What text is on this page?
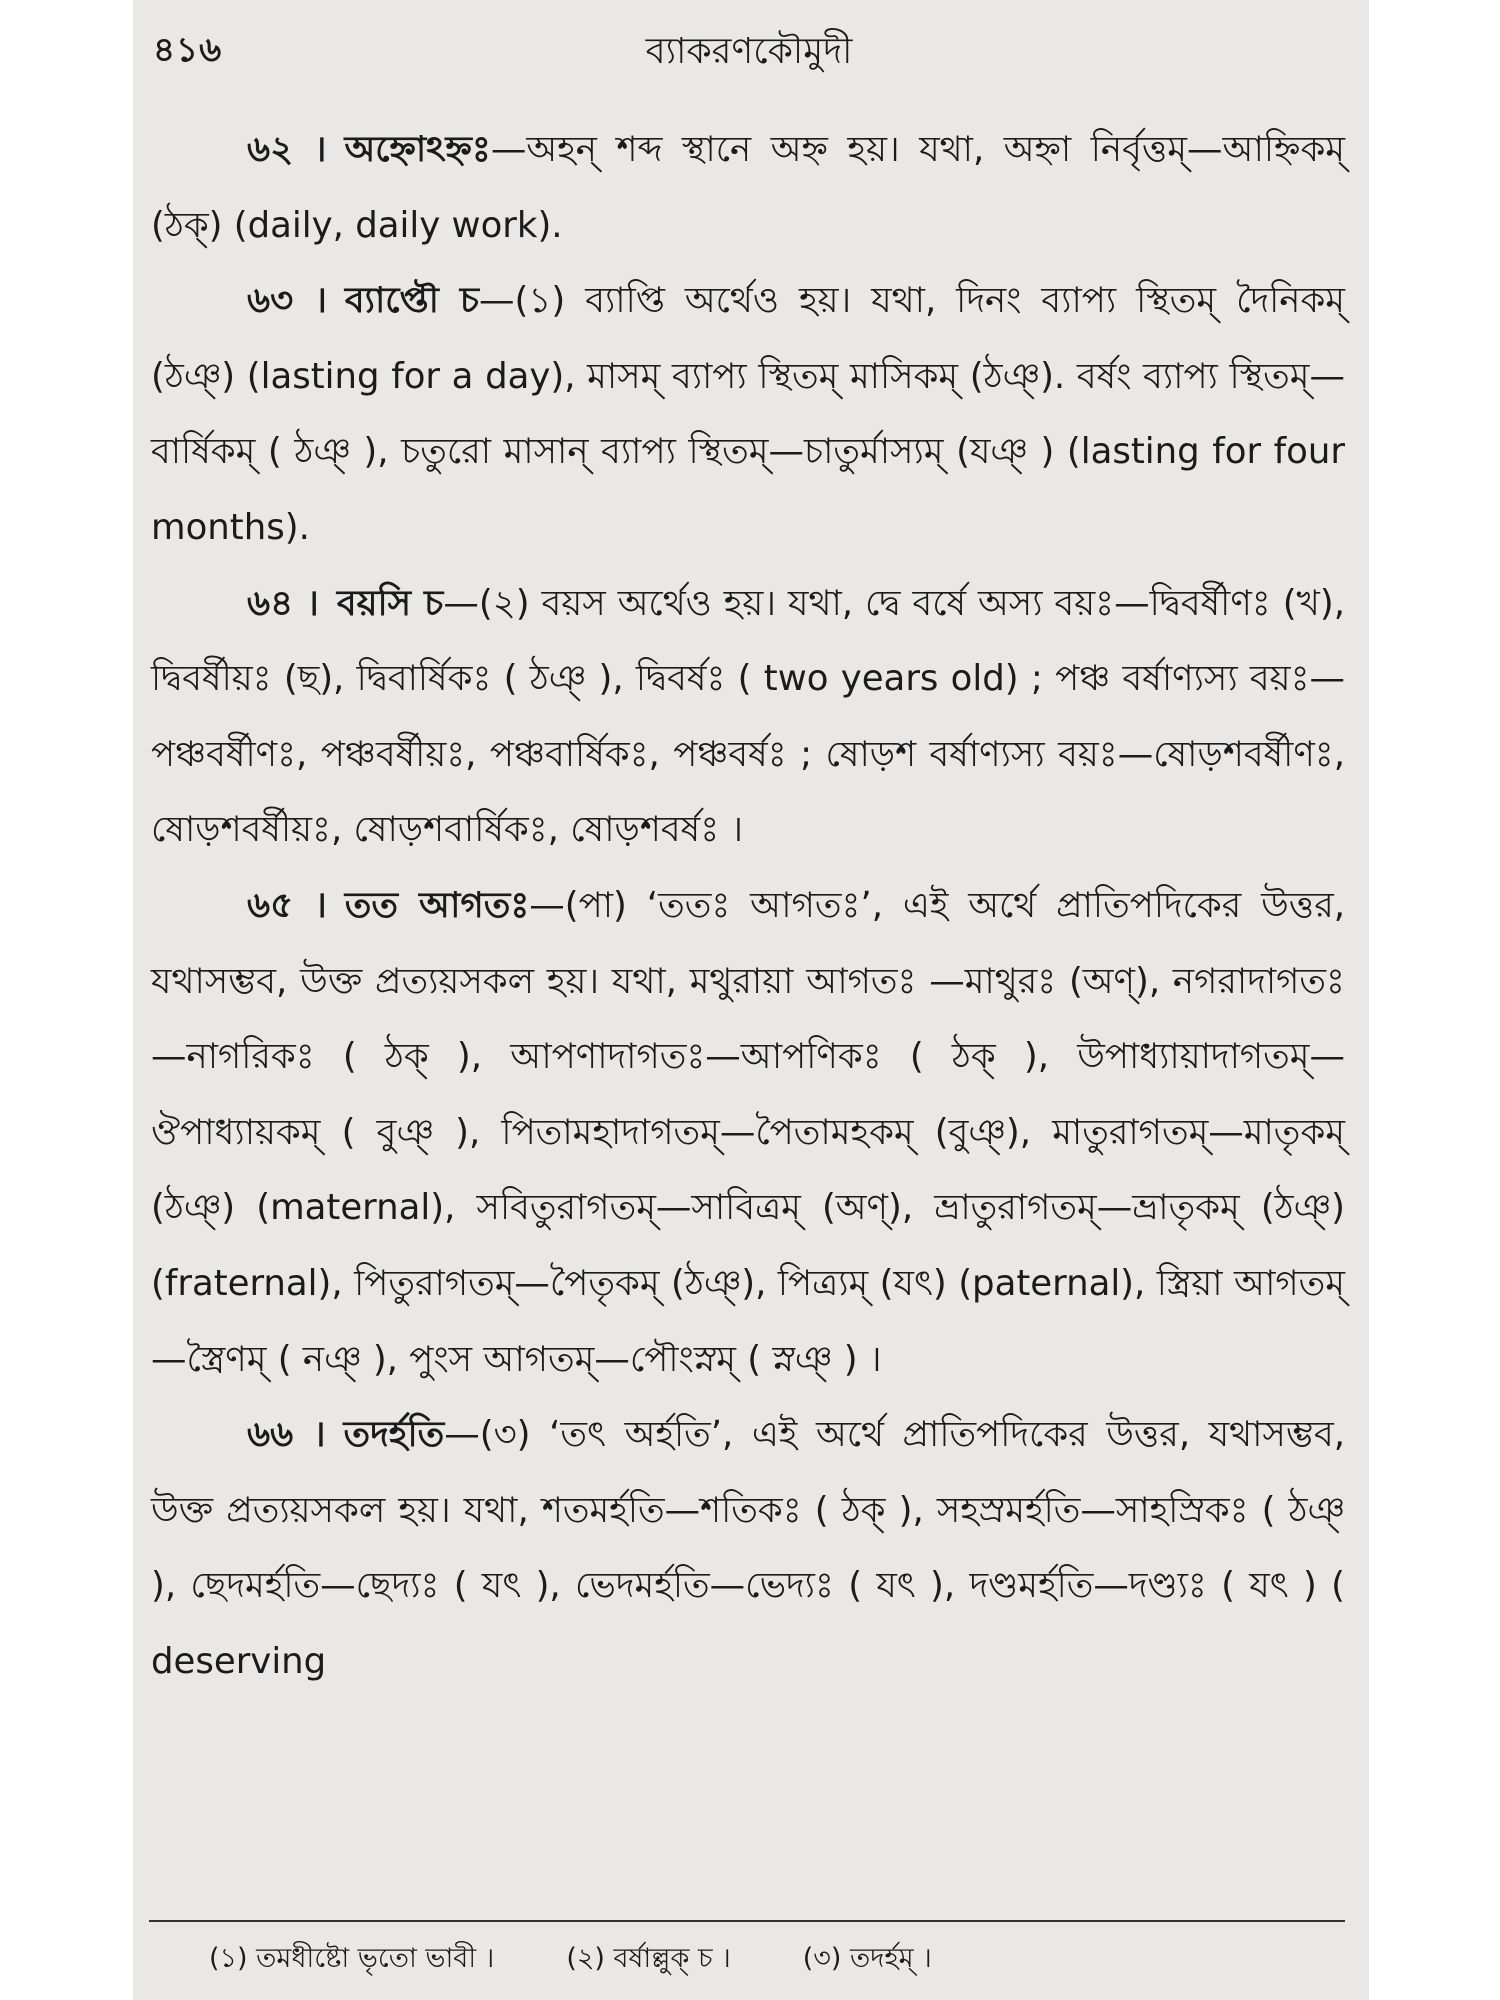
৪১৬	ব্যাকরণকৌমুদী

৬২ । অহ্নোঽহ্নঃ—অহন্ শব্দ স্থানে অহ্ন হয়। যথা, অহ্না নির্বৃত্তম্—আহ্নিকম্ (ঠক্) (daily, daily work).

৬৩ । ব্যাপ্তৌ চ—(১) ব্যাপ্তি অর্থেও হয়। যথা, দিনং ব্যাপ্য স্থিতম্ দৈনিকম্ (ঠঞ্) (lasting for a day), মাসম্ ব্যাপ্য স্থিতম্ মাসিকম্ (ঠঞ্). বর্ষং ব্যাপ্য স্থিতম্—বার্ষিকম্ ( ঠঞ্ ), চতুরো মাসান্ ব্যাপ্য স্থিতম্—চাতুর্মাস্যম্ (যঞ্ ) (lasting for four months).

৬৪ । বয়সি চ—(২) বয়স অর্থেও হয়। যথা, দ্বে বর্ষে অস্য বয়ঃ—দ্বিবর্ষীণঃ (খ), দ্বিবর্ষীয়ঃ (ছ), দ্বিবার্ষিকঃ ( ঠঞ্ ), দ্বিবর্ষঃ ( two years old) ; পঞ্চ বর্ষাণ্যস্য বয়ঃ—পঞ্চবর্ষীণঃ, পঞ্চবর্ষীয়ঃ, পঞ্চবার্ষিকঃ, পঞ্চবর্ষঃ ; ষোড়শ বর্ষাণ্যস্য বয়ঃ—ষোড়শবর্ষীণঃ, ষোড়শবর্ষীয়ঃ, ষোড়শবার্ষিকঃ, ষোড়শবর্ষঃ ।

৬৫ । তত আগতঃ—(পা) ‘ততঃ আগতঃ’, এই অর্থে প্রাতিপদিকের উত্তর, যথাসম্ভব, উক্ত প্রত্যয়সকল হয়। যথা, মথুরায়া আগতঃ —মাথুরঃ (অণ্), নগরাদাগতঃ—নাগরিকঃ ( ঠক্ ), আপণাদাগতঃ—আপণিকঃ ( ঠক্ ), উপাধ্যায়াদাগতম্—ঔপাধ্যায়কম্ ( বুঞ্ ), পিতামহাদাগতম্—পৈতামহকম্ (বুঞ্), মাতুরাগতম্—মাতৃকম্ (ঠঞ্) (maternal), সবিতুরাগতম্—সাবিত্রম্ (অণ্), ভ্রাতুরাগতম্—ভ্রাতৃকম্ (ঠঞ্) (fraternal), পিতুরাগতম্—পৈতৃকম্ (ঠঞ্), পিত্র্যম্ (যৎ) (paternal), স্ত্রিয়া আগতম্—স্ত্রৈণম্ ( নঞ্ ), পুংস আগতম্—পৌংস্নম্ ( স্নঞ্ ) ।

৬৬ । তদর্হতি—(৩) ‘তৎ অর্হতি’, এই অর্থে প্রাতিপদিকের উত্তর, যথাসম্ভব, উক্ত প্রত্যয়সকল হয়। যথা, শতমর্হতি—শতিকঃ ( ঠক্ ), সহস্রমর্হতি—সাহস্রিকঃ ( ঠঞ্ ), ছেদমর্হতি—ছেদ্যঃ ( যৎ ), ভেদমর্হতি—ভেদ্যঃ ( যৎ ), দণ্ডমর্হতি—দণ্ড্যঃ ( যৎ ) ( deserving

(১) তমধীষ্টো ভৃতো ভাবী ।	(২) বর্ষাল্লুক্ চ ।	(৩) তদর্হম্ ।
